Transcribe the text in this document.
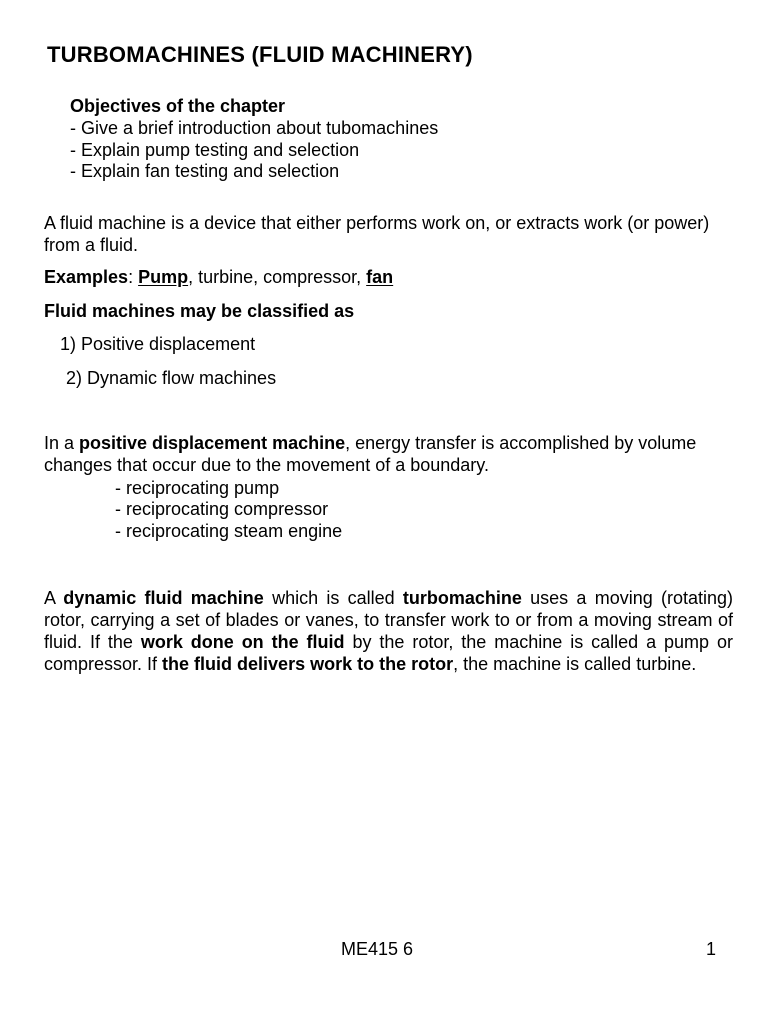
TURBOMACHINES (FLUID MACHINERY)
Objectives of the chapter
- Give a brief introduction about tubomachines
- Explain pump testing and selection
- Explain fan testing and selection
A fluid machine is a device that either performs work on, or extracts work (or power) from a fluid.
Examples: Pump, turbine, compressor, fan
Fluid machines may be classified as
1) Positive displacement
2) Dynamic flow machines
In a positive displacement machine, energy transfer is accomplished by volume changes that occur due to the movement of a boundary.
- reciprocating pump
- reciprocating compressor
- reciprocating steam engine
A dynamic fluid machine which is called turbomachine uses a moving (rotating) rotor, carrying a set of blades or vanes, to transfer work to or from a moving stream of fluid. If the work done on the fluid by the rotor, the machine is called a pump or compressor. If the fluid delivers work to the rotor, the machine is called turbine.
ME415 6	1
